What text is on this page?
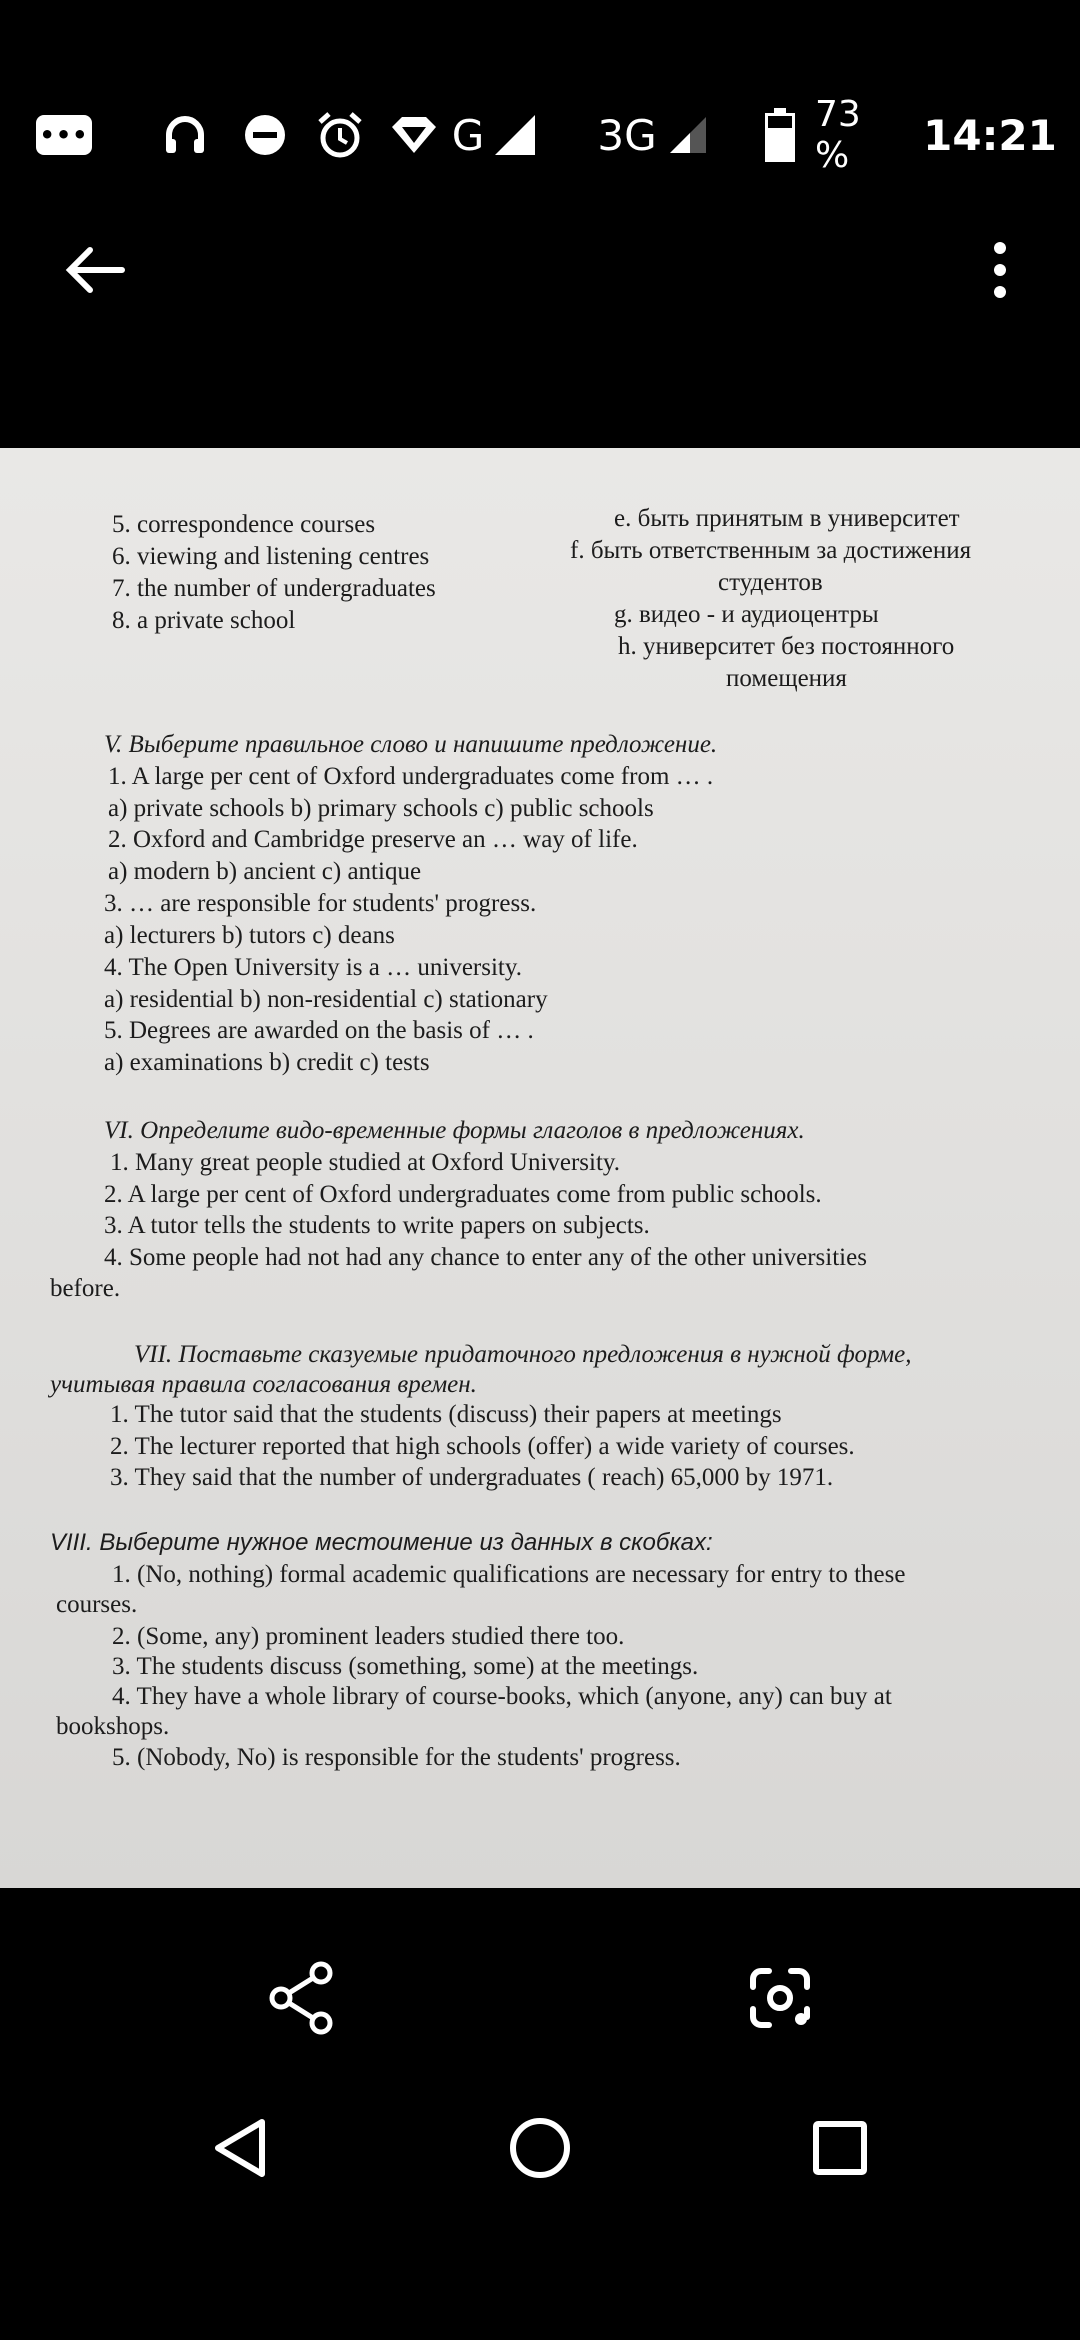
•••	G	3G	73 %	14:21
5. correspondence courses
6. viewing and listening centres
7. the number of undergraduates
8. a private school
e. быть принятым в университет
f. быть ответственным за достижения
студентов
g. видео - и аудиоцентры
h. университет без постоянного
помещения
V. Выберите правильное слово и напишите предложение.
1. A large per cent of Oxford undergraduates come from … .
a) private schools b) primary schools c) public schools
2. Oxford and Cambridge preserve an … way of life.
a) modern b) ancient c) antique
3. … are responsible for students' progress.
a) lecturers b) tutors c) deans
4. The Open University is a … university.
a) residential b) non-residential c) stationary
5. Degrees are awarded on the basis of … .
a) examinations b) credit c) tests
VI. Определите видо-временные формы глаголов в предложениях.
1. Many great people studied at Oxford University.
2. A large per cent of Oxford undergraduates come from public schools.
3. A tutor tells the students to write papers on subjects.
4. Some people had not had any chance to enter any of the other universities
before.
VII. Поставьте сказуемые придаточного предложения в нужной форме,
учитывая правила согласования времен.
1. The tutor said that the students (discuss) their papers at meetings
2. The lecturer reported that high schools (offer) a wide variety of courses.
3. They said that the number of undergraduates ( reach) 65,000 by 1971.
VIII. Выберите нужное местоимение из данных в скобках:
1. (No, nothing) formal academic qualifications are necessary for entry to these
courses.
2. (Some, any) prominent leaders studied there too.
3. The students discuss (something, some) at the meetings.
4. They have a whole library of course-books, which (anyone, any) can buy at
bookshops.
5. (Nobody, No) is responsible for the students' progress.
